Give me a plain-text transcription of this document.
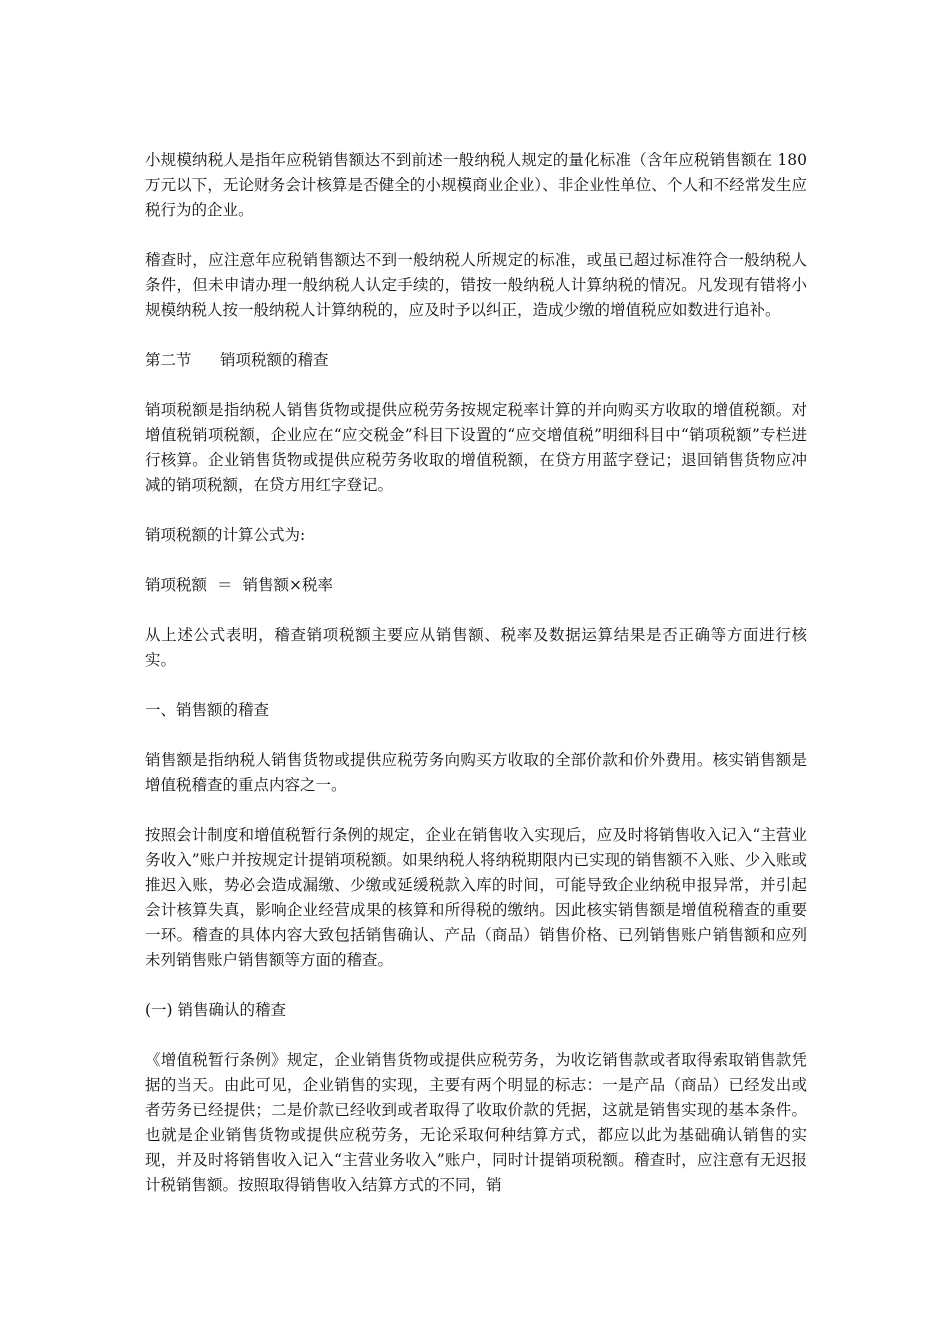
小规模纳税人是指年应税销售额达不到前述一般纳税人规定的量化标准（含年应税销售额在 180 万元以下，无论财务会计核算是否健全的小规模商业企业）、非企业性单位、个人和不经常发生应税行为的企业。

稽查时，应注意年应税销售额达不到一般纳税人所规定的标准，或虽已超过标准符合一般纳税人条件，但未申请办理一般纳税人认定手续的，错按一般纳税人计算纳税的情况。凡发现有错将小规模纳税人按一般纳税人计算纳税的，应及时予以纠正，造成少缴的增值税应如数进行追补。

第二节 销项税额的稽查

销项税额是指纳税人销售货物或提供应税劳务按规定税率计算的并向购买方收取的增值税额。对增值税销项税额，企业应在“应交税金”科目下设置的“应交增值税”明细科目中“销项税额”专栏进行核算。企业销售货物或提供应税劳务收取的增值税额，在贷方用蓝字登记；退回销售货物应冲减的销项税额，在贷方用红字登记。

销项税额的计算公式为:

销项税额 ＝ 销售额×税率

从上述公式表明，稽查销项税额主要应从销售额、税率及数据运算结果是否正确等方面进行核实。

一、销售额的稽查

销售额是指纳税人销售货物或提供应税劳务向购买方收取的全部价款和价外费用。核实销售额是增值税稽查的重点内容之一。

按照会计制度和增值税暂行条例的规定，企业在销售收入实现后，应及时将销售收入记入“主营业务收入”账户并按规定计提销项税额。如果纳税人将纳税期限内已实现的销售额不入账、少入账或推迟入账，势必会造成漏缴、少缴或延缓税款入库的时间，可能导致企业纳税申报异常，并引起会计核算失真，影响企业经营成果的核算和所得税的缴纳。因此核实销售额是增值税稽查的重要一环。稽查的具体内容大致包括销售确认、产品（商品）销售价格、已列销售账户销售额和应列未列销售账户销售额等方面的稽查。

(一) 销售确认的稽查

《增值税暂行条例》规定，企业销售货物或提供应税劳务，为收讫销售款或者取得索取销售款凭据的当天。由此可见，企业销售的实现，主要有两个明显的标志：一是产品（商品）已经发出或者劳务已经提供；二是价款已经收到或者取得了收取价款的凭据，这就是销售实现的基本条件。也就是企业销售货物或提供应税劳务，无论采取何种结算方式，都应以此为基础确认销售的实现，并及时将销售收入记入“主营业务收入”账户，同时计提销项税额。稽查时，应注意有无迟报计税销售额。按照取得销售收入结算方式的不同，销
